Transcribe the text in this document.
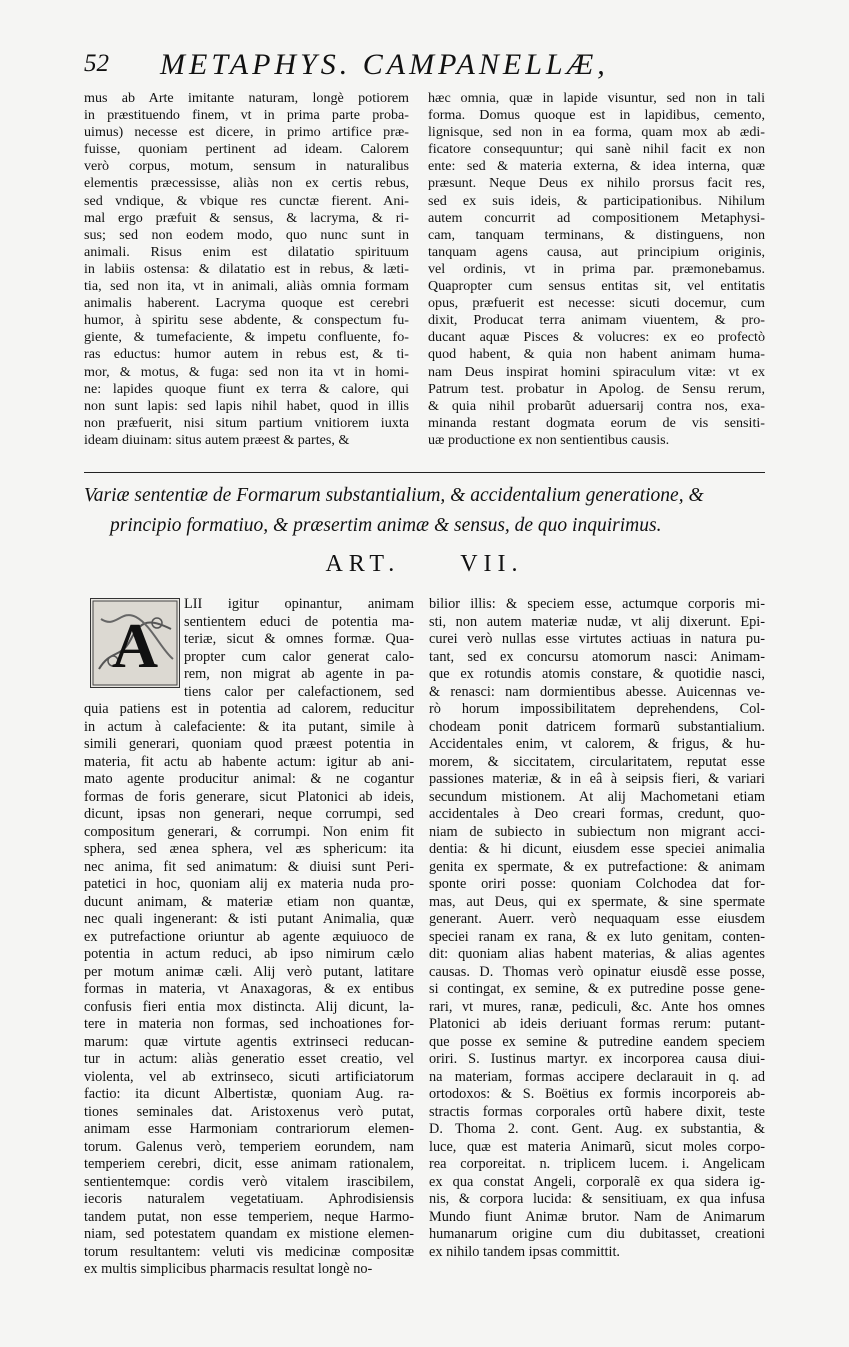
52 METAPHYS. CAMPANELLÆ,
mus ab Arte imitante naturam, longè potiorem
in præstituendo finem, vt in prima parte proba-
uimus) necesse est dicere, in primo artifice præ-
fuisse, quoniam pertinent ad ideam. Calorem
verò corpus, motum, sensum in naturalibus
elementis præcessisse, aliàs non ex certis rebus,
sed vndique, & vbique res cunctæ fierent. Ani-
mal ergo præfuit & sensus, & lacryma, & ri-
sus; sed non eodem modo, quo nunc sunt in
animali. Risus enim est dilatatio spirituum
in labiis ostensa: & dilatatio est in rebus, & læti-
tia, sed non ita, vt in animali, aliàs omnia formam
animalis haberent. Lacryma quoque est cerebri
humor, à spiritu sese abdente, & conspectum fu-
giente, & tumefaciente, & impetu confluente, fo-
ras eductus: humor autem in rebus est, & ti-
mor, & motus, & fuga: sed non ita vt in homi-
ne: lapides quoque fiunt ex terra & calore, qui
non sunt lapis: sed lapis nihil habet, quod in illis
non præfuerit, nisi situm partium vnitiorem iuxta
ideam diuinam: situs autem præest & partes, &
hæc omnia, quæ in lapide visuntur, sed non in tali
forma. Domus quoque est in lapidibus, cemento,
lignisque, sed non in ea forma, quam mox ab ædi-
ficatore consequuntur; qui sanè nihil facit ex non
ente: sed & materia externa, & idea interna, quæ
præsunt. Neque Deus ex nihilo prorsus facit res,
sed ex suis ideis, & participationibus. Nihilum
autem concurrit ad compositionem Metaphysi-
cam, tanquam terminans, & distinguens, non
tanquam agens causa, aut principium originis,
vel ordinis, vt in prima par. præmonebamus.
Quapropter cum sensus entitas sit, vel entitatis
opus, præfuerit est necesse: sicuti docemur, cum
dixit, Producat terra animam viuentem, & pro-
ducant aquæ Pisces & volucres: ex eo profectò
quod habent, & quia non habent animam huma-
nam Deus inspirat homini spiraculum vitæ: vt ex
Patrum test. probatur in Apolog. de Sensu rerum,
& quia nihil probarũt aduersarij contra nos, exa-
minanda restant dogmata eorum de vis sensiti-
uæ productione ex non sentientibus causis.
Variæ sententiæ de Formarum substantialium, & accidentalium generatione, &
principio formatiuo, & præsertim animæ & sensus, de quo inquirimus.
ART.	VII.
A
LII igitur opinantur, animam
sentientem educi de potentia ma-
teriæ, sicut & omnes formæ. Qua-
propter cum calor generat calo-
rem, non migrat ab agente in pa-
tiens calor per calefactionem, sed
quia patiens est in potentia ad calorem, reducitur
in actum à calefaciente: & ita putant, simile à
simili generari, quoniam quod præest potentia in
materia, fit actu ab habente actum: igitur ab ani-
mato agente producitur animal: & ne cogantur
formas de foris generare, sicut Platonici ab ideis,
dicunt, ipsas non generari, neque corrumpi, sed
compositum generari, & corrumpi. Non enim fit
sphera, sed ænea sphera, vel æs sphericum: ita
nec anima, fit sed animatum: & diuisi sunt Peri-
patetici in hoc, quoniam alij ex materia nuda pro-
ducunt animam, & materiæ etiam non quantæ,
nec quali ingenerant: & isti putant Animalia, quæ
ex putrefactione oriuntur ab agente æquiuoco de
potentia in actum reduci, ab ipso nimirum cælo
per motum animæ cæli. Alij verò putant, latitare
formas in materia, vt Anaxagoras, & ex entibus
confusis fieri entia mox distincta. Alij dicunt, la-
tere in materia non formas, sed inchoationes for-
marum: quæ virtute agentis extrinseci reducan-
tur in actum: aliàs generatio esset creatio, vel
violenta, vel ab extrinseco, sicuti artificiatorum
factio: ita dicunt Albertistæ, quoniam Aug. ra-
tiones seminales dat. Aristoxenus verò putat,
animam esse Harmoniam contrariorum elemen-
torum. Galenus verò, temperiem eorundem, nam
temperiem cerebri, dicit, esse animam rationalem,
sentientemque: cordis verò vitalem irascibilem,
iecoris naturalem vegetatiuam. Aphrodisiensis
tandem putat, non esse temperiem, neque Harmo-
niam, sed potestatem quandam ex mistione elemen-
torum resultantem: veluti vis medicinæ compositæ
ex multis simplicibus pharmacis resultat longè no-
bilior illis: & speciem esse, actumque corporis mi-
sti, non autem materiæ nudæ, vt alij dixerunt. Epi-
curei verò nullas esse virtutes actiuas in natura pu-
tant, sed ex concursu atomorum nasci: Animam-
que ex rotundis atomis constare, & quotidie nasci,
& renasci: nam dormientibus abesse. Auicennas ve-
rò horum impossibilitatem deprehendens, Col-
chodeam ponit datricem formarũ substantialium.
Accidentales enim, vt calorem, & frigus, & hu-
morem, & siccitatem, circularitatem, reputat esse
passiones materiæ, & in eâ à seipsis fieri, & variari
secundum mistionem. At alij Machometani etiam
accidentales à Deo creari formas, credunt, quo-
niam de subiecto in subiectum non migrant acci-
dentia: & hi dicunt, eiusdem esse speciei animalia
genita ex spermate, & ex putrefactione: & animam
sponte oriri posse: quoniam Colchodea dat for-
mas, aut Deus, qui ex spermate, & sine spermate
generant. Auerr. verò nequaquam esse eiusdem
speciei ranam ex rana, & ex luto genitam, conten-
dit: quoniam alias habent materias, & alias agentes
causas. D. Thomas verò opinatur eiusdẽ esse posse,
si contingat, ex semine, & ex putredine posse gene-
rari, vt mures, ranæ, pediculi, &c. Ante hos omnes
Platonici ab ideis deriuant formas rerum: putant-
que posse ex semine & putredine eandem speciem
oriri. S. Iustinus martyr. ex incorporea causa diui-
na materiam, formas accipere declarauit in q. ad
ortodoxos: & S. Boëtius ex formis incorporeis ab-
stractis formas corporales ortũ habere dixit, teste
D. Thoma 2. cont. Gent. Aug. ex substantia, &
luce, quæ est materia Animarũ, sicut moles corpo-
rea corporeitat. n. triplicem lucem. i. Angelicam
ex qua constat Angeli, corporalẽ ex qua sidera ig-
nis, & corpora lucida: & sensitiuam, ex qua infusa
Mundo fiunt Animæ brutor. Nam de Animarum
humanarum origine cum diu dubitasset, creationi
ex nihilo tandem ipsas committit.
